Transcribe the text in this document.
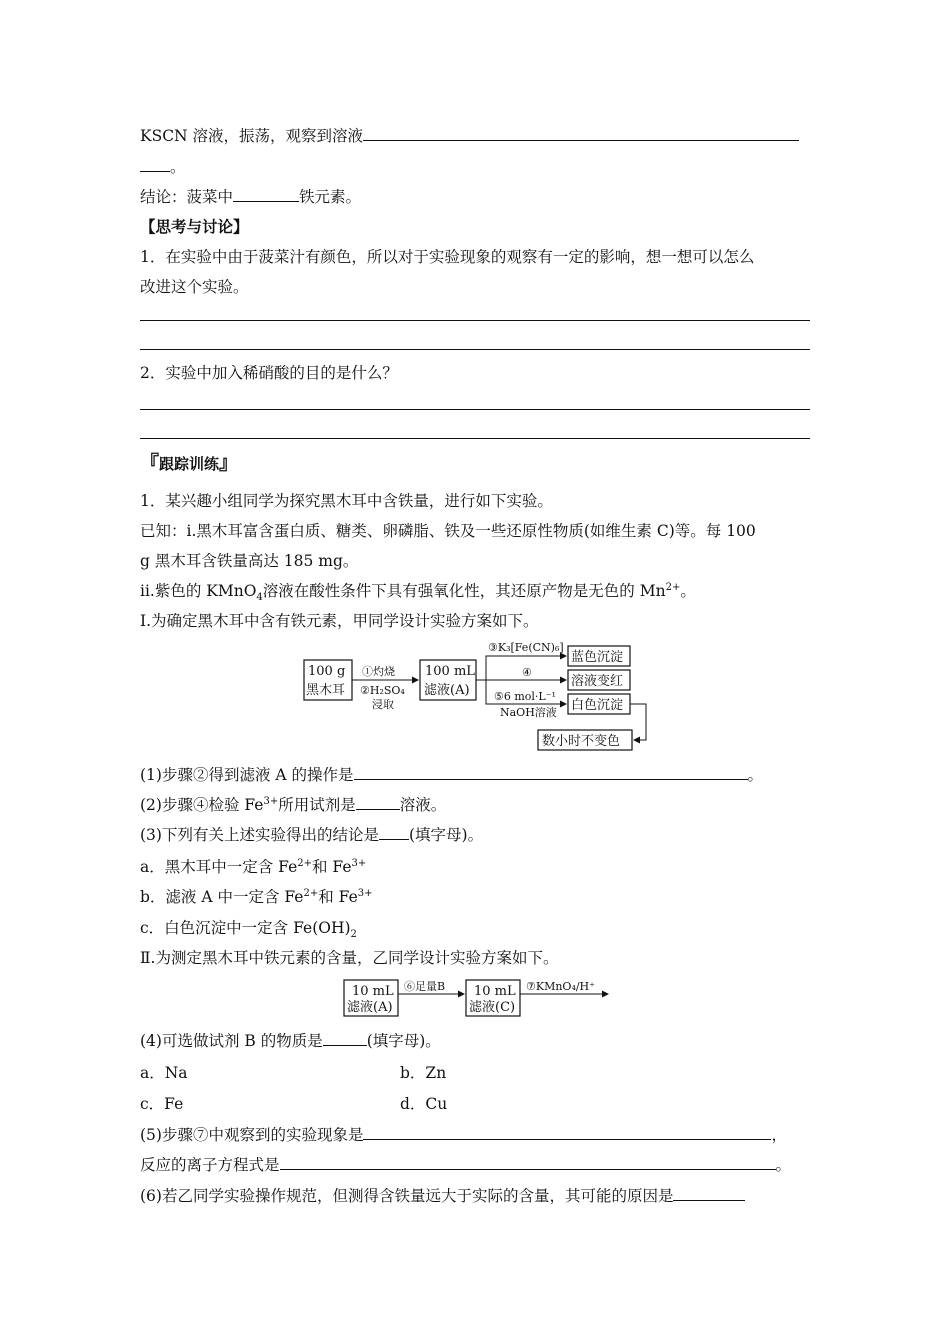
KSCN 溶液，振荡，观察到溶液
。
结论：菠菜中	铁元素。
【思考与讨论】
1．在实验中由于菠菜汁有颜色，所以对于实验现象的观察有一定的影响，想一想可以怎么
改进这个实验。
2．实验中加入稀硝酸的目的是什么？
『跟踪训练』
1．某兴趣小组同学为探究黑木耳中含铁量，进行如下实验。
已知：ⅰ.黑木耳富含蛋白质、糖类、卵磷脂、铁及一些还原性物质(如维生素 C)等。每 100
g 黑木耳含铁量高达 185 mg。
ⅱ.紫色的 KMnO$_4$溶液在酸性条件下具有强氧化性，其还原产物是无色的 $Mn^{2+}$。
Ⅰ.为确定黑木耳中含有铁元素，甲同学设计实验方案如下。
100 g
黑木耳
①灼烧
②H₂SO₄
浸取
100 mL
滤液(A)
③K₃[Fe(CN)₆]
④
⑤6 mol·L⁻¹
NaOH溶液
蓝色沉淀
溶液变红
白色沉淀
数小时不变色
(1)步骤②得到滤液 A 的操作是	。
(2)步骤④检验 $Fe^{3+}$所用试剂是	溶液。
(3)下列有关上述实验得出的结论是 (填字母)。
a．黑木耳中一定含 $Fe^{2+}$和 $Fe^{3+}$
b．滤液 A 中一定含 $Fe^{2+}$和 $Fe^{3+}$
c．白色沉淀中一定含 $Fe(OH)_2$
Ⅱ.为测定黑木耳中铁元素的含量，乙同学设计实验方案如下。
10 mL
滤液(A)
⑥足量B 10 mL
滤液(C)
⑦KMnO₄/H⁺
(4)可选做试剂 B 的物质是	(填字母)。
a．Na	b．Zn
c．Fe	d．Cu
(5)步骤⑦中观察到的实验现象是	，
反应的离子方程式是	。
(6)若乙同学实验操作规范，但测得含铁量远大于实际的含量，其可能的原因是
